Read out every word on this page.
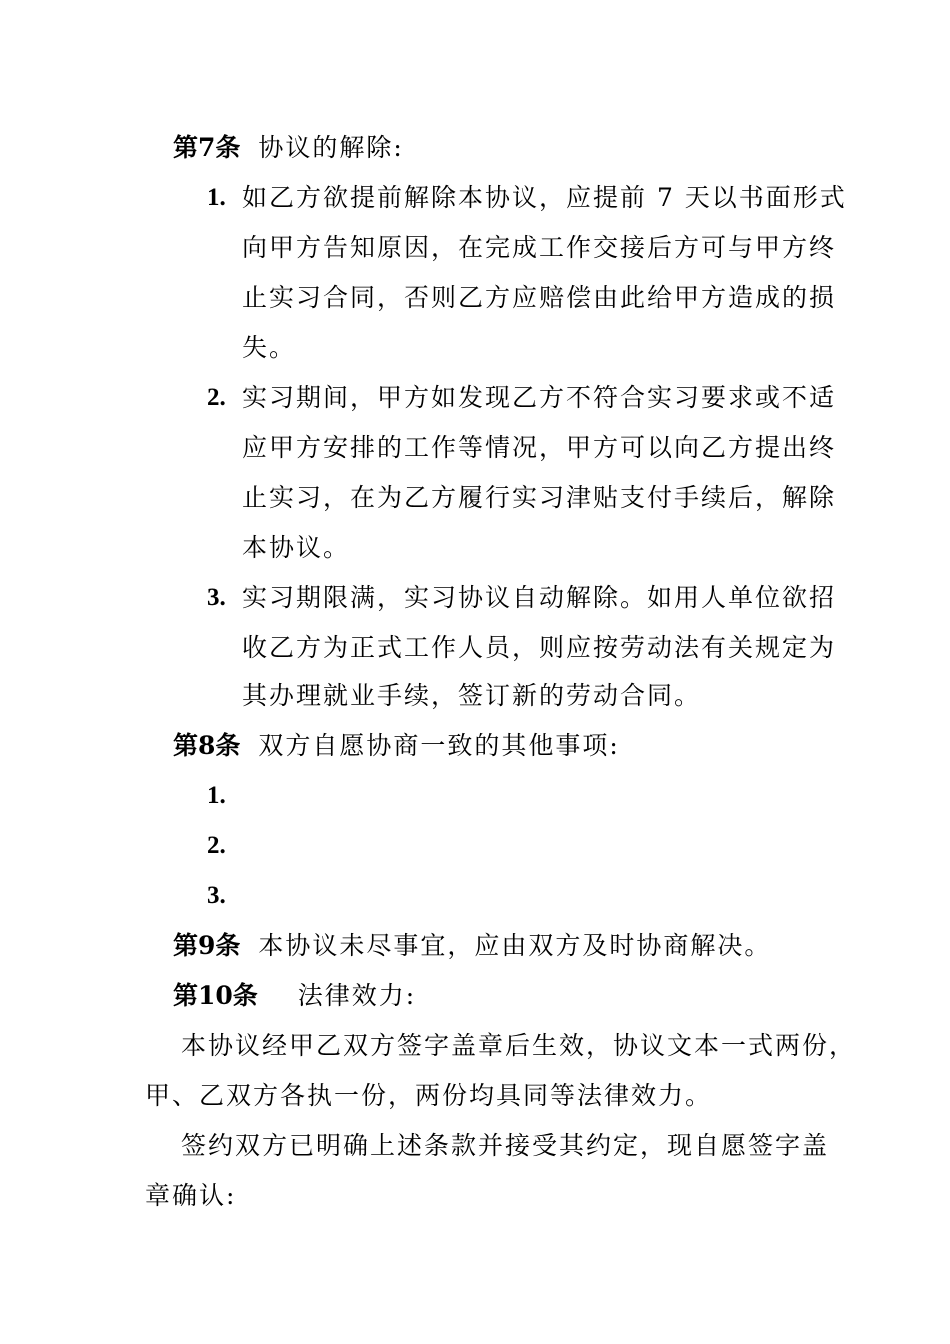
第7条 协议的解除:
1. 如乙方欲提前解除本协议，应提前 7 天以书面形式
向甲方告知原因，在完成工作交接后方可与甲方终
止实习合同，否则乙方应赔偿由此给甲方造成的损
失。
2. 实习期间，甲方如发现乙方不符合实习要求或不适
应甲方安排的工作等情况，甲方可以向乙方提出终
止实习，在为乙方履行实习津贴支付手续后，解除
本协议。
3. 实习期限满，实习协议自动解除。如用人单位欲招
收乙方为正式工作人员，则应按劳动法有关规定为
其办理就业手续，签订新的劳动合同。
第8条 双方自愿协商一致的其他事项:
1.
2.
3.
第9条 本协议未尽事宜，应由双方及时协商解决。
第10条 法律效力:
本协议经甲乙双方签字盖章后生效，协议文本一式两份，
甲、乙双方各执一份，两份均具同等法律效力。
签约双方已明确上述条款并接受其约定，现自愿签字盖
章确认:
